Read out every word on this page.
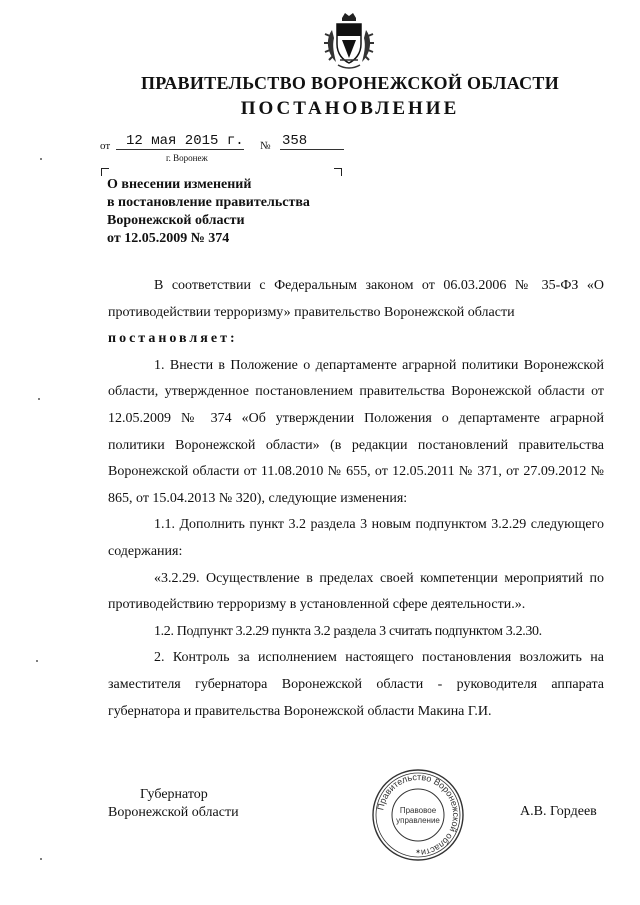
ПРАВИТЕЛЬСТВО ВОРОНЕЖСКОЙ ОБЛАСТИ
ПОСТАНОВЛЕНИЕ
от	12 мая 2015 г. № 358
г. Воронеж
О внесении изменений
в постановление правительства
Воронежской области
от 12.05.2009 № 374

В соответствии с Федеральным законом от 06.03.2006 № 35-ФЗ «О противодействии терроризму» правительство Воронежской области

постановляет:

1. Внести в Положение о департаменте аграрной политики Воронежской области, утвержденное постановлением правительства Воронежской области от 12.05.2009 № 374 «Об утверждении Положения о департаменте аграрной политики Воронежской области» (в редакции постановлений правительства Воронежской области от 11.08.2010 № 655, от 12.05.2011 № 371, от 27.09.2012 № 865, от 15.04.2013 № 320), следующие изменения:

1.1. Дополнить пункт 3.2 раздела 3 новым подпунктом 3.2.29 следующего содержания:

«3.2.29. Осуществление в пределах своей компетенции мероприятий по противодействию терроризму в установленной сфере деятельности.».

1.2. Подпункт 3.2.29 пункта 3.2 раздела 3 считать подпунктом 3.2.30.

2. Контроль за исполнением настоящего постановления возложить на заместителя губернатора Воронежской области - руководителя аппарата губернатора и правительства Воронежской области Макина Г.И.

Губернатор
Воронежской области	А.В. Гордеев
Правительство Воронежской области
Правовое
управление
✶
